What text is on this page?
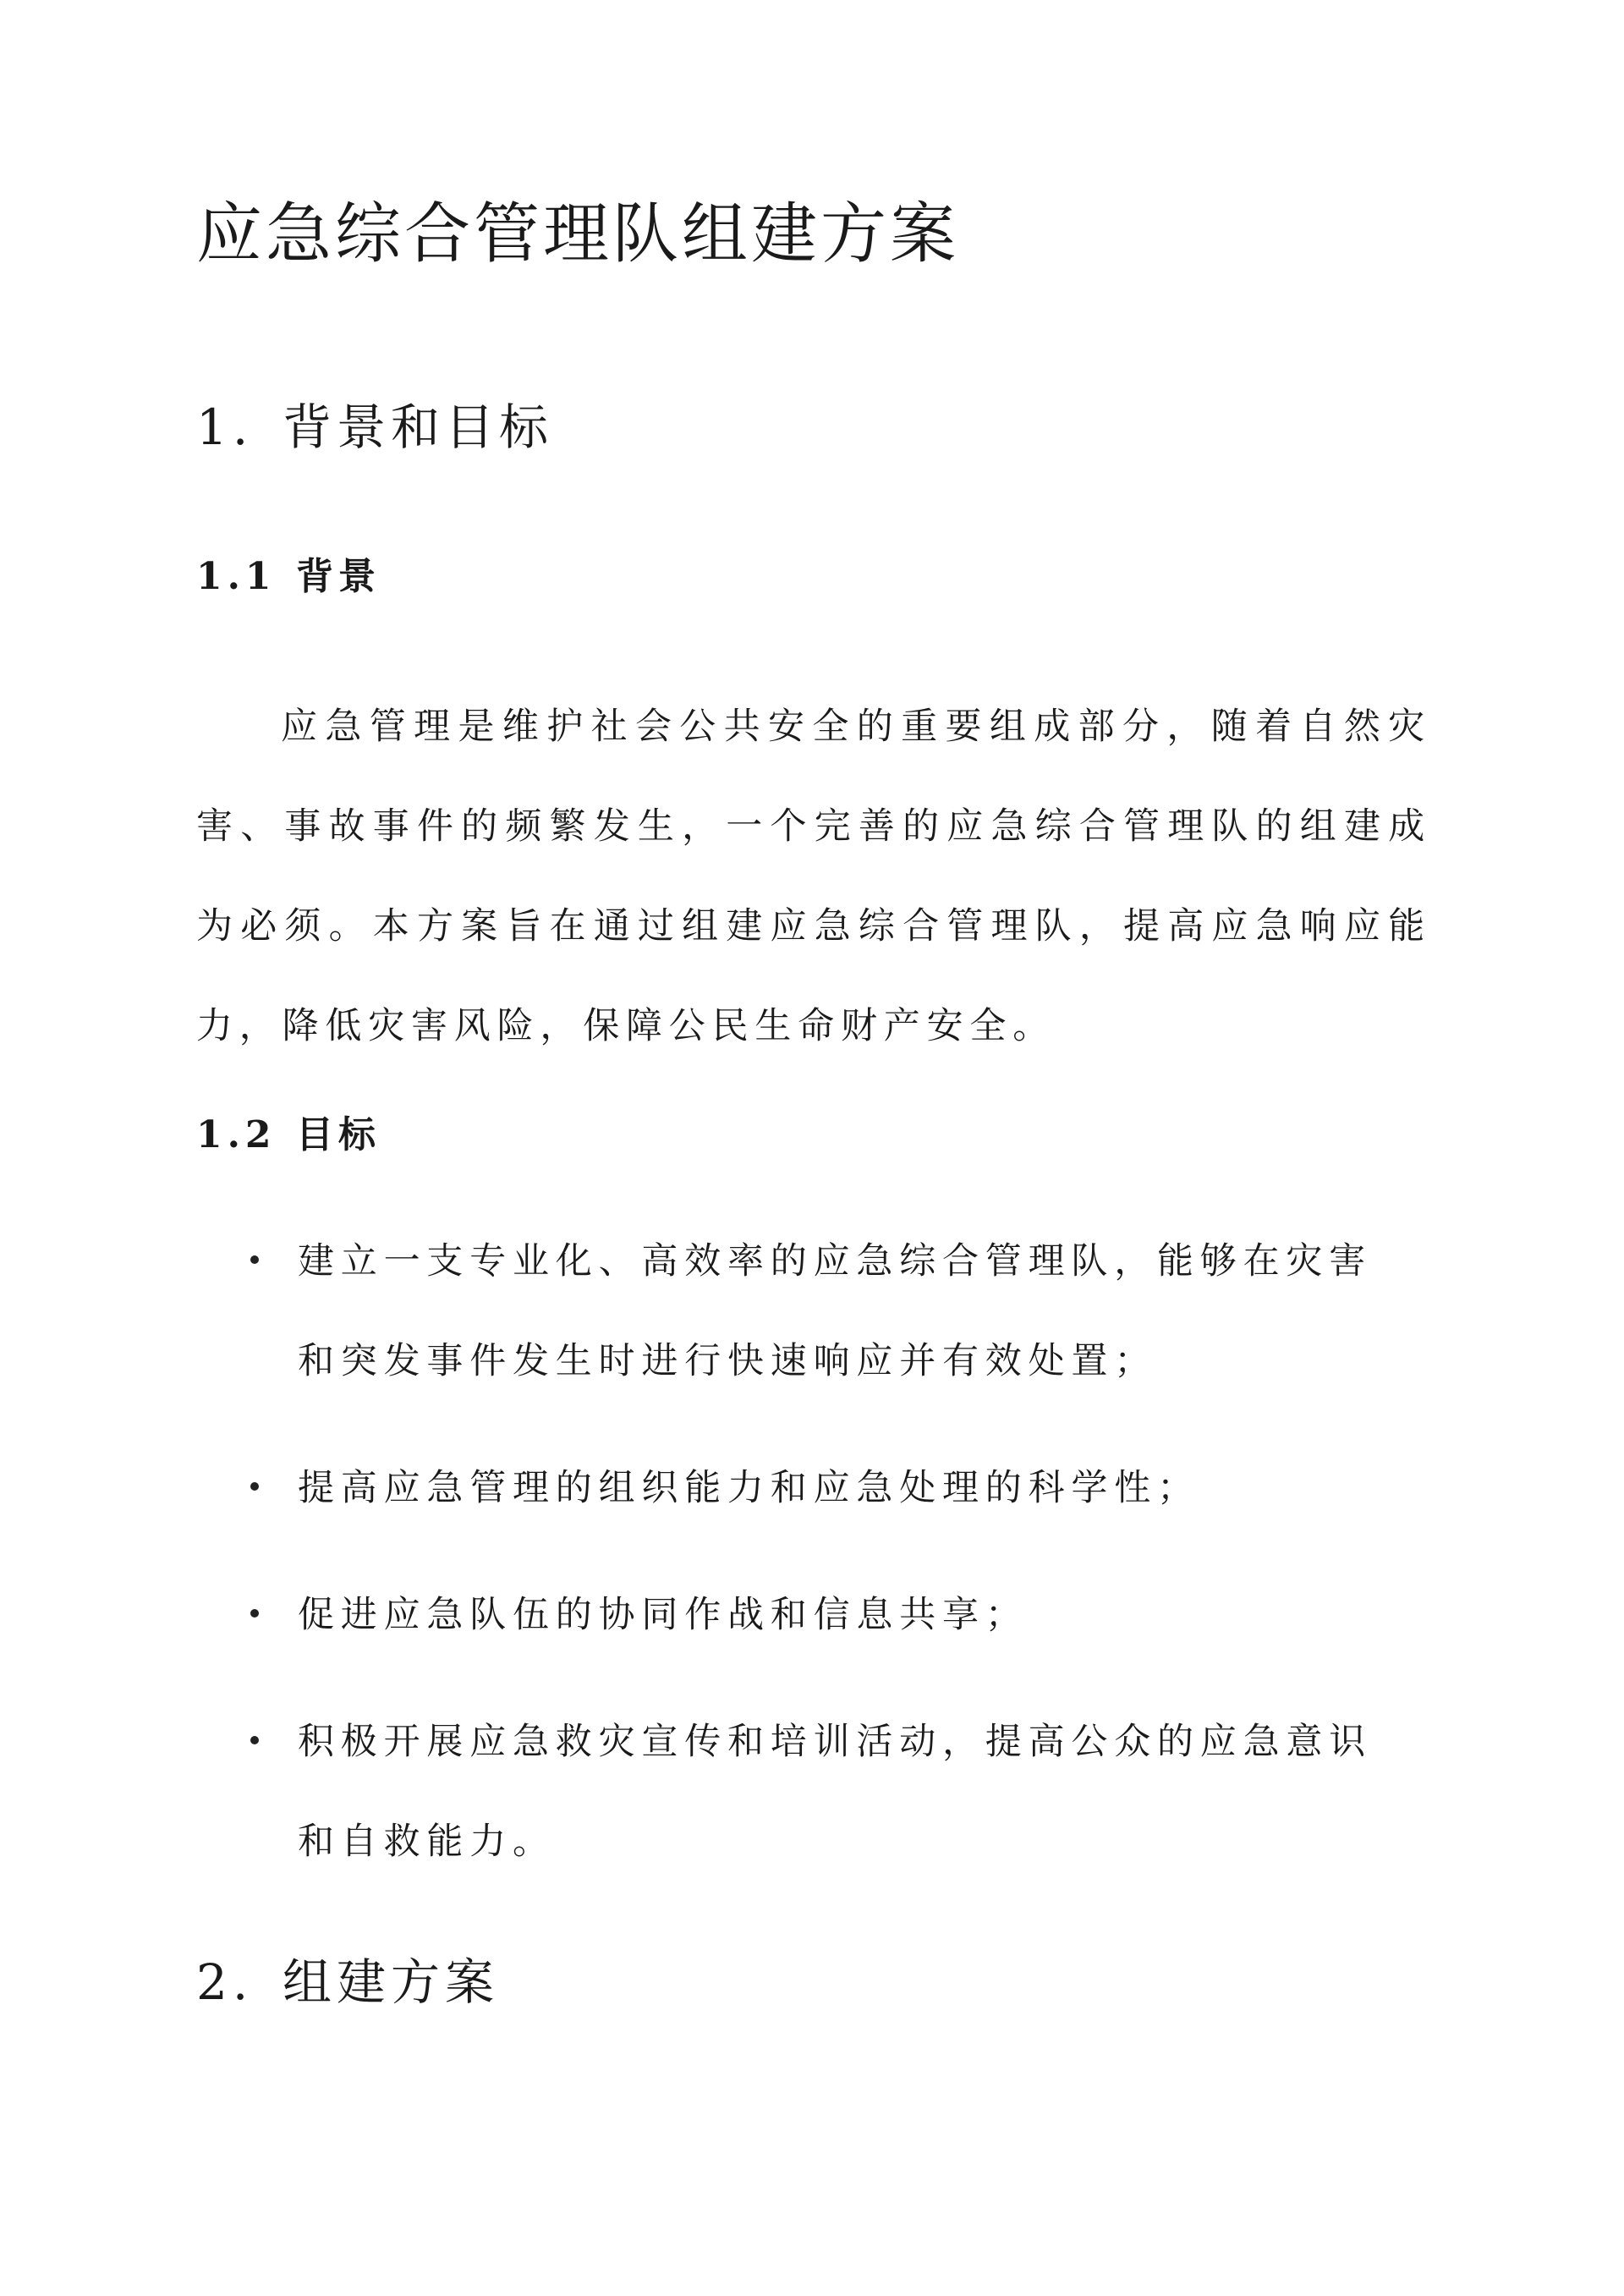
应急综合管理队组建方案
1. 背景和目标
1.1 背景

应急管理是维护社会公共安全的重要组成部分，随着自然灾害、事故事件的频繁发生，一个完善的应急综合管理队的组建成为必须。本方案旨在通过组建应急综合管理队，提高应急响应能力，降低灾害风险，保障公民生命财产安全。

1.2 目标
建立一支专业化、高效率的应急综合管理队，能够在灾害和突发事件发生时进行快速响应并有效处置；
提高应急管理的组织能力和应急处理的科学性；
促进应急队伍的协同作战和信息共享；
积极开展应急救灾宣传和培训活动，提高公众的应急意识和自救能力。
2. 组建方案
